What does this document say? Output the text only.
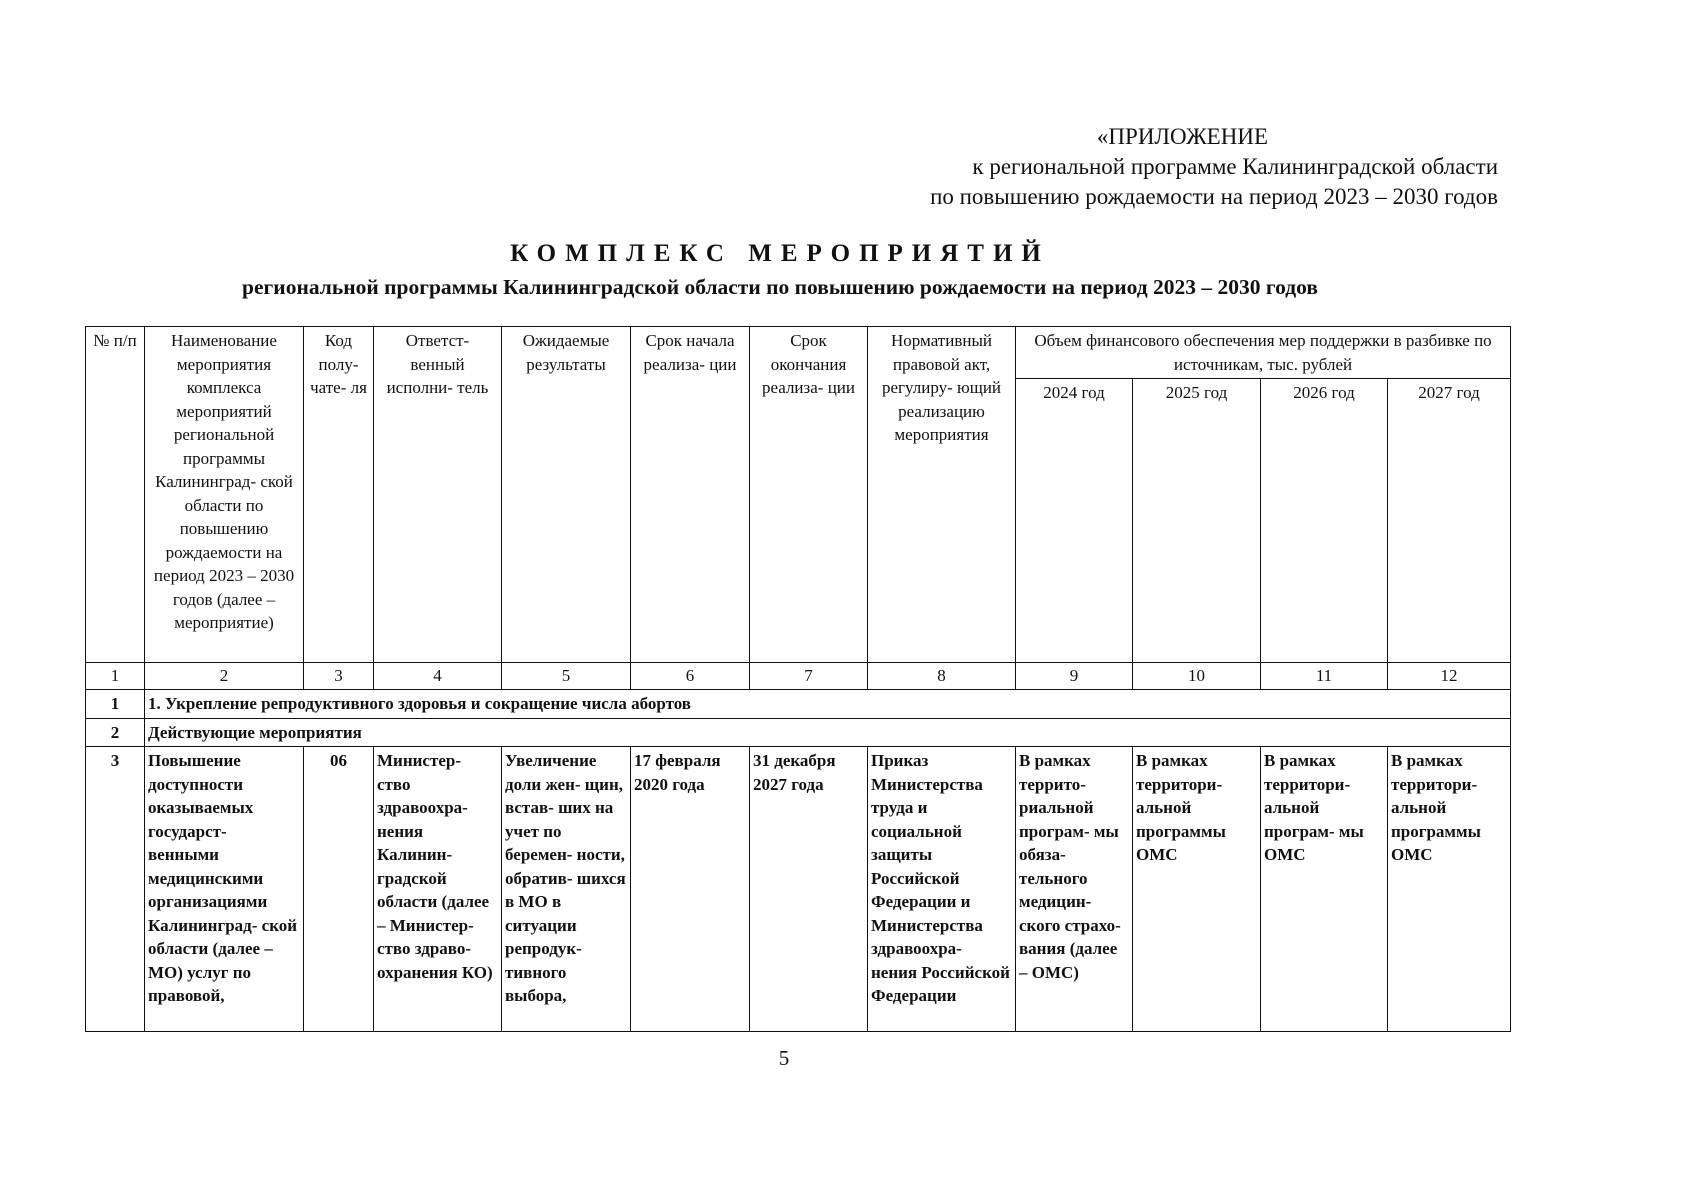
«ПРИЛОЖЕНИЕ
к региональной программе Калининградской области
по повышению рождаемости на период 2023 – 2030 годов
КОМПЛЕКС МЕРОПРИЯТИЙ
региональной программы Калининградской области по повышению рождаемости на период 2023 – 2030 годов
№ п/п	Наименование мероприятия комплекса мероприятий региональной программы Калининград- ской области по повышению рождаемости на период 2023 – 2030 годов (далее – мероприятие)	Код полу- чате- ля	Ответст- венный исполни- тель	Ожидаемые результаты	Срок начала реализа- ции	Срок окончания реализа- ции	Нормативный правовой акт, регулиру- ющий реализацию мероприятия	Объем финансового обеспечения мер поддержки в разбивке по источникам, тыс. рублей			
								2024 год	2025 год	2026 год	2027 год
1	2	3	4	5	6	7	8	9	10	11	12
1	1. Укрепление репродуктивного здоровья и сокращение числа абортов										
2	Действующие мероприятия										
3	Повышение доступности оказываемых государст- венными медицинскими организациями Калининград- ской области (далее – МО) услуг по правовой,	06	Министер- ство здравоохра- нения Калинин- градской области (далее – Министер- ство здраво- охранения КО)	Увеличение доли жен- щин, встав- ших на учет по беремен- ности, обратив- шихся в МО в ситуации репродук- тивного выбора,	17 февраля 2020 года	31 декабря 2027 года	Приказ Министерства труда и социальной защиты Российской Федерации и Министерства здравоохра- нения Российской Федерации	В рамках террито- риальной програм- мы обяза- тельного медицин- ского страхо- вания (далее – ОМС)	В рамках территори- альной программы ОМС	В рамках территори- альной програм- мы ОМС	В рамках территори- альной программы ОМС
5
